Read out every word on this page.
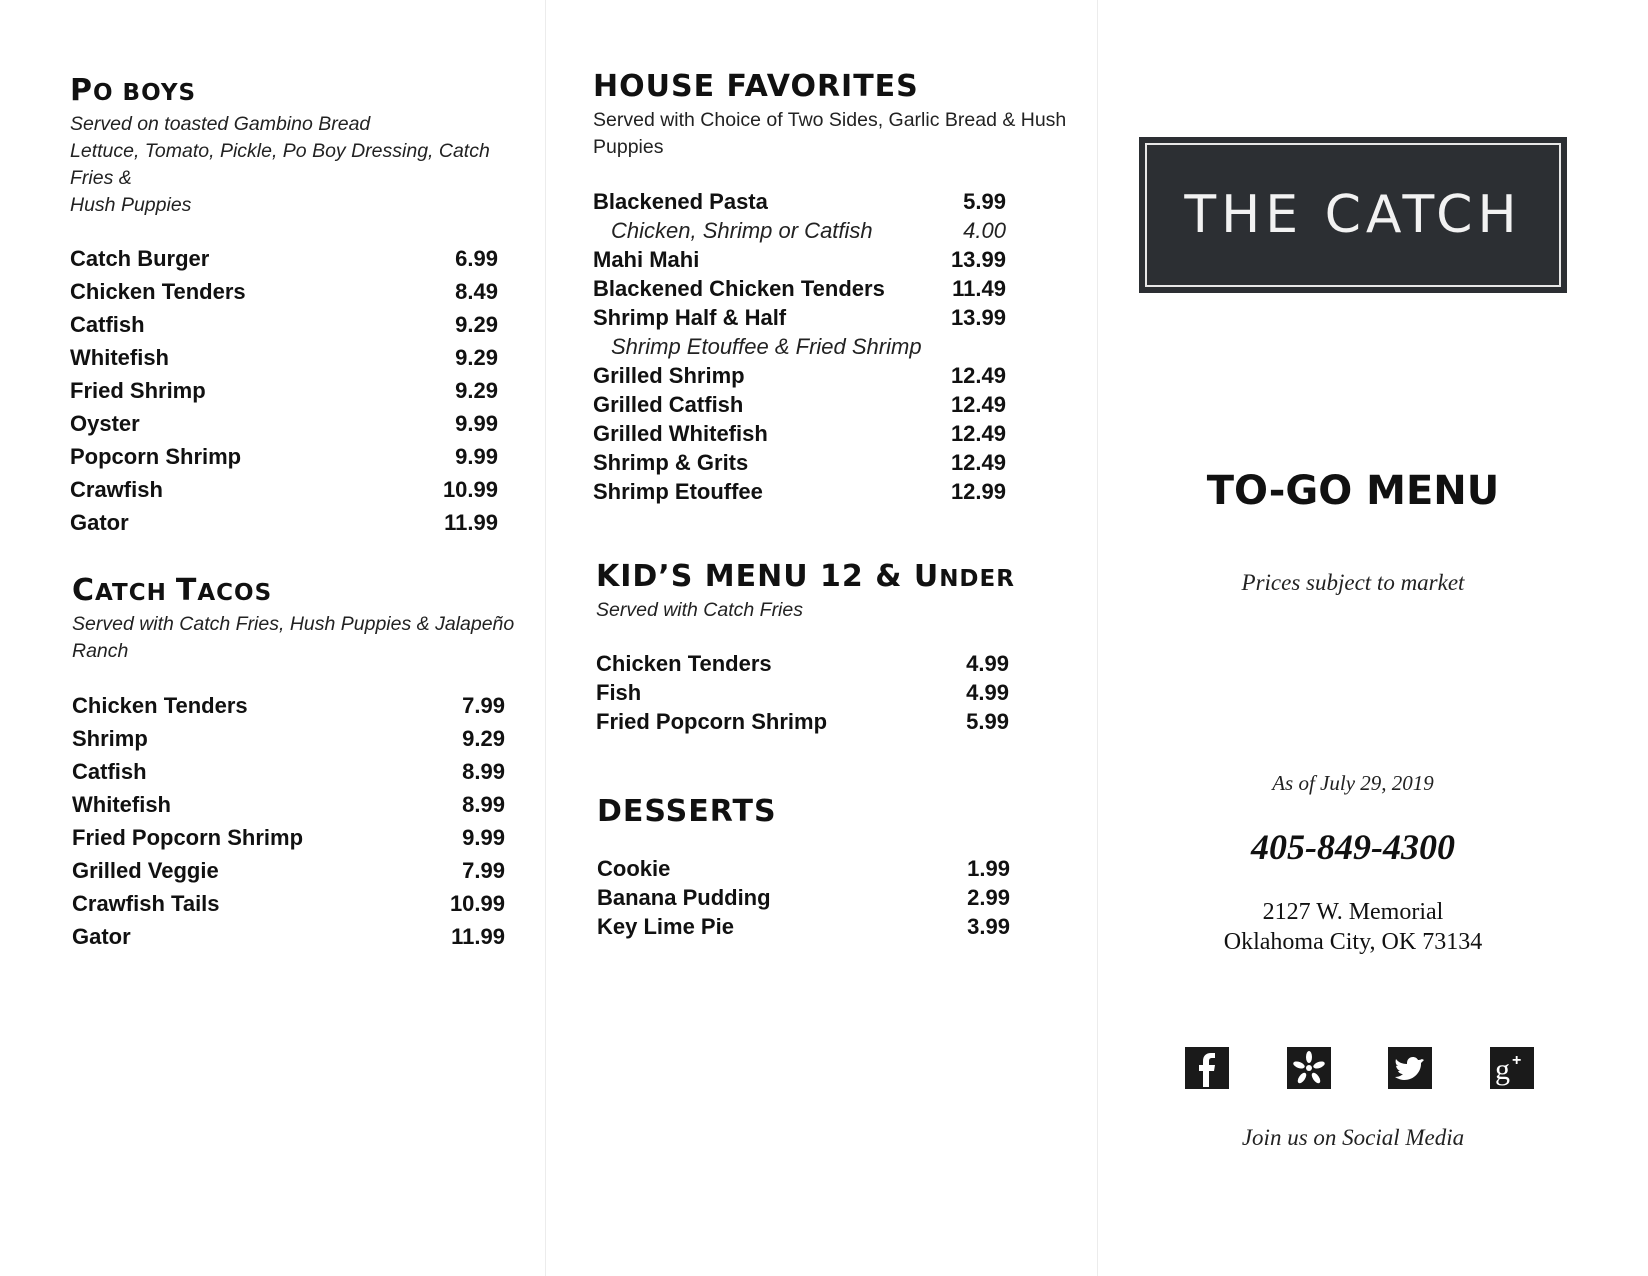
PO BOYS

Served on toasted Gambino Bread
Lettuce, Tomato, Pickle, Po Boy Dressing, Catch Fries &
Hush Puppies

Catch Burger	6.99
Chicken Tenders	8.49
Catfish	9.29
Whitefish	9.29
Fried Shrimp	9.29
Oyster	9.99
Popcorn Shrimp	9.99
Crawfish	10.99
Gator	11.99
CATCH TACOS

Served with Catch Fries, Hush Puppies & Jalapeño
Ranch

Chicken Tenders	7.99
Shrimp	9.29
Catfish	8.99
Whitefish	8.99
Fried Popcorn Shrimp	9.99
Grilled Veggie	7.99
Crawfish Tails	10.99
Gator	11.99
HOUSE FAVORITES

Served with Choice of Two Sides, Garlic Bread & Hush
Puppies

Blackened Pasta	5.99
Chicken, Shrimp or Catfish	4.00
Mahi Mahi	13.99
Blackened Chicken Tenders	11.49
Shrimp Half & Half	13.99
Shrimp Etouffee & Fried Shrimp
Grilled Shrimp	12.49
Grilled Catfish	12.49
Grilled Whitefish	12.49
Shrimp & Grits	12.49
Shrimp Etouffee	12.99
KID’S MENU 12 & UNDER

Served with Catch Fries

Chicken Tenders	4.99
Fish	4.99
Fried Popcorn Shrimp	5.99
DESSERTS
Cookie	1.99
Banana Pudding	2.99
Key Lime Pie	3.99
THE CATCH
TO-GO MENU
Prices subject to market
As of July 29, 2019
405-849-4300
2127 W. Memorial
Oklahoma City, OK 73134
g +
Join us on Social Media
